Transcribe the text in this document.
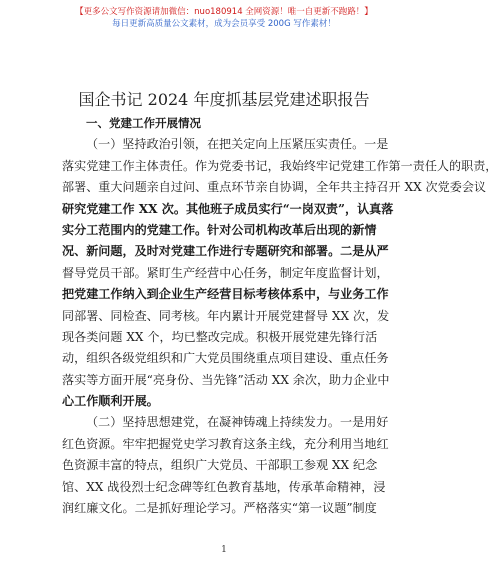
【更多公文写作资源请加微信：nuo180914 全网资源！唯一自更新不跑路！】
每日更新高质量公文素材，成为会员享受 200G 写作素材！
国企书记 2024 年度抓基层党建述职报告
一、党建工作开展情况
（一）坚持政治引领，在把关定向上压紧压实责任。一是
落实党建工作主体责任。作为党委书记，我始终牢记党建工作第一责任人的职责，
部署、重大问题亲自过问、重点环节亲自协调，全年共主持召开 XX 次党委会议
研究党建工作 XX 次。其他班子成员实行“一岗双责”，认真落
实分工范围内的党建工作。针对公司机构改革后出现的新情
况、新问题，及时对党建工作进行专题研究和部署。二是从严
督导党员干部。紧盯生产经营中心任务，制定年度监督计划，
把党建工作纳入到企业生产经营目标考核体系中，与业务工作
同部署、同检查、同考核。年内累计开展党建督导 XX 次，发
现各类问题 XX 个，均已整改完成。积极开展党建先锋行活
动，组织各级党组织和广大党员围绕重点项目建设、重点任务
落实等方面开展“亮身份、当先锋”活动 XX 余次，助力企业中
心工作顺利开展。
（二）坚持思想建党，在凝神铸魂上持续发力。一是用好
红色资源。牢牢把握党史学习教育这条主线，充分利用当地红
色资源丰富的特点，组织广大党员、干部职工参观 XX 纪念
馆、XX 战役烈士纪念碑等红色教育基地，传承革命精神，浸
润红廉文化。二是抓好理论学习。严格落实“第一议题”制度
1
